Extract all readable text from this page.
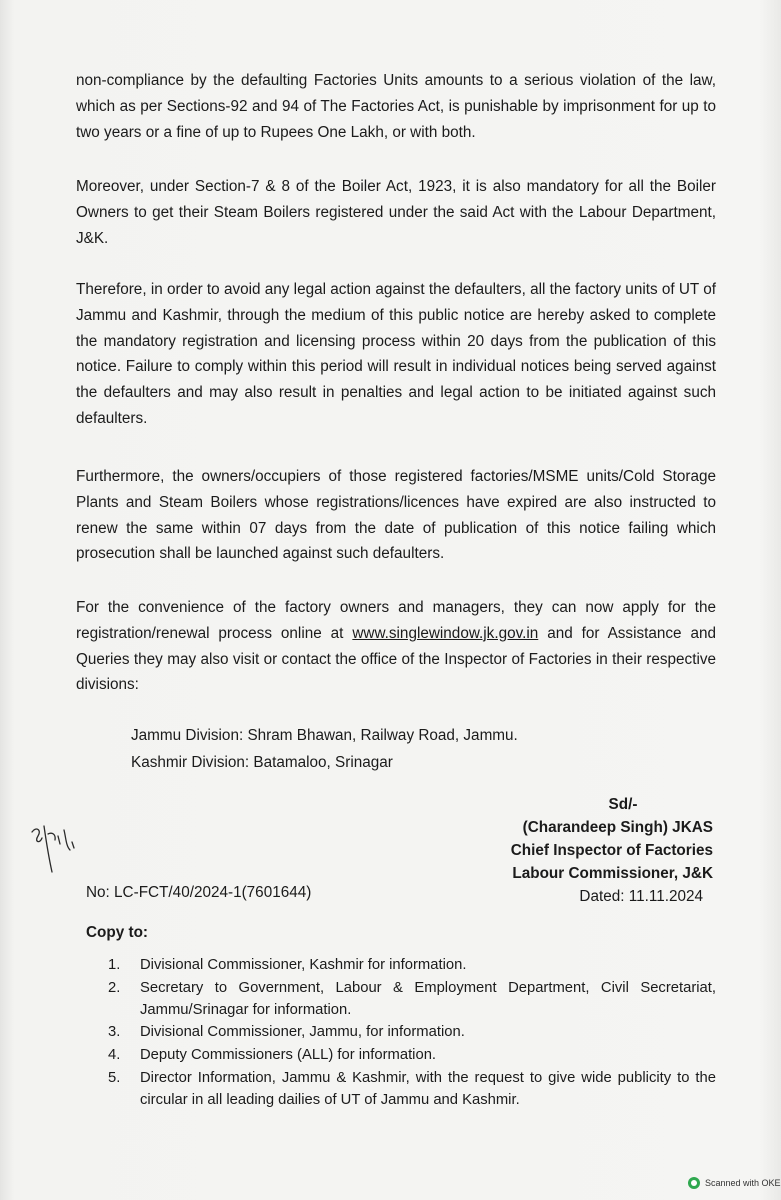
non-compliance by the defaulting Factories Units amounts to a serious violation of the law, which as per Sections-92 and 94 of The Factories Act, is punishable by imprisonment for up to two years or a fine of up to Rupees One Lakh, or with both.

Moreover, under Section-7 & 8 of the Boiler Act, 1923, it is also mandatory for all the Boiler Owners to get their Steam Boilers registered under the said Act with the Labour Department, J&K.

Therefore, in order to avoid any legal action against the defaulters, all the factory units of UT of Jammu and Kashmir, through the medium of this public notice are hereby asked to complete the mandatory registration and licensing process within 20 days from the publication of this notice. Failure to comply within this period will result in individual notices being served against the defaulters and may also result in penalties and legal action to be initiated against such defaulters.

Furthermore, the owners/occupiers of those registered factories/MSME units/Cold Storage Plants and Steam Boilers whose registrations/licences have expired are also instructed to renew the same within 07 days from the date of publication of this notice failing which prosecution shall be launched against such defaulters.

For the convenience of the factory owners and managers, they can now apply for the registration/renewal process online at www.singlewindow.jk.gov.in and for Assistance and Queries they may also visit or contact the office of the Inspector of Factories in their respective divisions:

Jammu Division: Shram Bhawan, Railway Road, Jammu.

Kashmir Division: Batamaloo, Srinagar

Sd/-
(Charandeep Singh) JKAS
Chief Inspector of Factories
Labour Commissioner, J&K
Dated: 11.11.2024
No: LC-FCT/40/2024-1(7601644)
Copy to:
1.	Divisional Commissioner, Kashmir for information.
2.	Secretary to Government, Labour & Employment Department, Civil Secretariat, Jammu/Srinagar for information.
3.	Divisional Commissioner, Jammu, for information.
4.	Deputy Commissioners (ALL) for information.
5.	Director Information, Jammu & Kashmir, with the request to give wide publicity to the circular in all leading dailies of UT of Jammu and Kashmir.
Scanned with OKE
